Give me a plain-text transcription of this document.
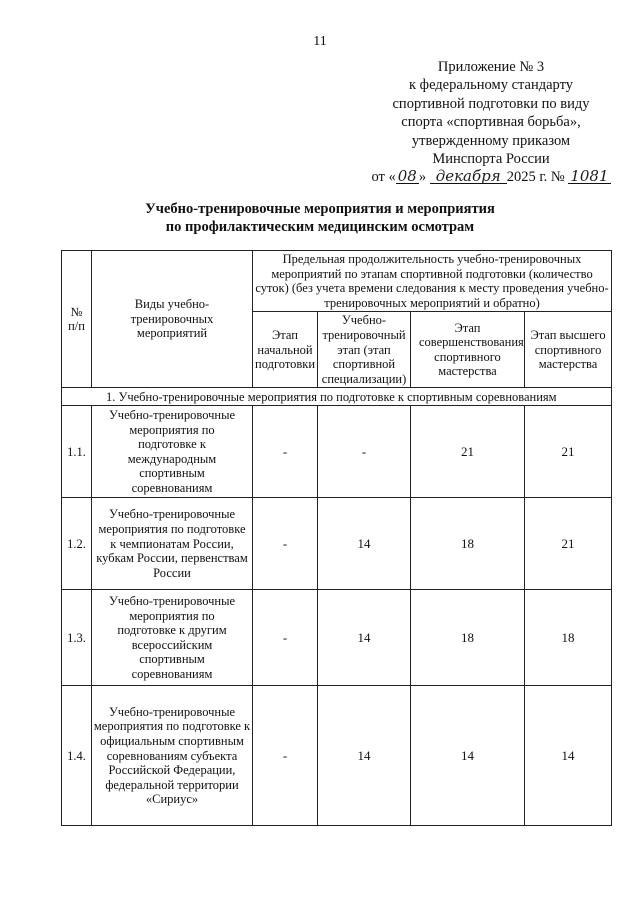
11
Приложение № 3
к федеральному стандарту
спортивной подготовки по виду
спорта «спортивная борьба»,
утвержденному приказом
Минспорта России
от « 08 » декабря 2025 г. № 1081
Учебно-тренировочные мероприятия и мероприятия
по профилактическим медицинским осмотрам
№ п/п	Виды учебно-тренировочных мероприятий	Предельная продолжительность учебно-тренировочных мероприятий по этапам спортивной подготовки (количество суток) (без учета времени следования к месту проведения учебно-тренировочных мероприятий и обратно)			
		Этап начальной подготовки	Учебно-тренировочный этап (этап спортивной специализации)	Этап совершенствования спортивного мастерства	Этап высшего спортивного мастерства
1. Учебно-тренировочные мероприятия по подготовке к спортивным соревнованиям					
1.1.	Учебно-тренировочные мероприятия по подготовке к международным спортивным соревнованиям	-	-	21	21
1.2.	Учебно-тренировочные мероприятия по подготовке к чемпионатам России, кубкам России, первенствам России	-	14	18	21
1.3.	Учебно-тренировочные мероприятия по подготовке к другим всероссийским спортивным соревнованиям	-	14	18	18
1.4.	Учебно-тренировочные мероприятия по подготовке к официальным спортивным соревнованиям субъекта Российской Федерации, федеральной территории «Сириус»	-	14	14	14
